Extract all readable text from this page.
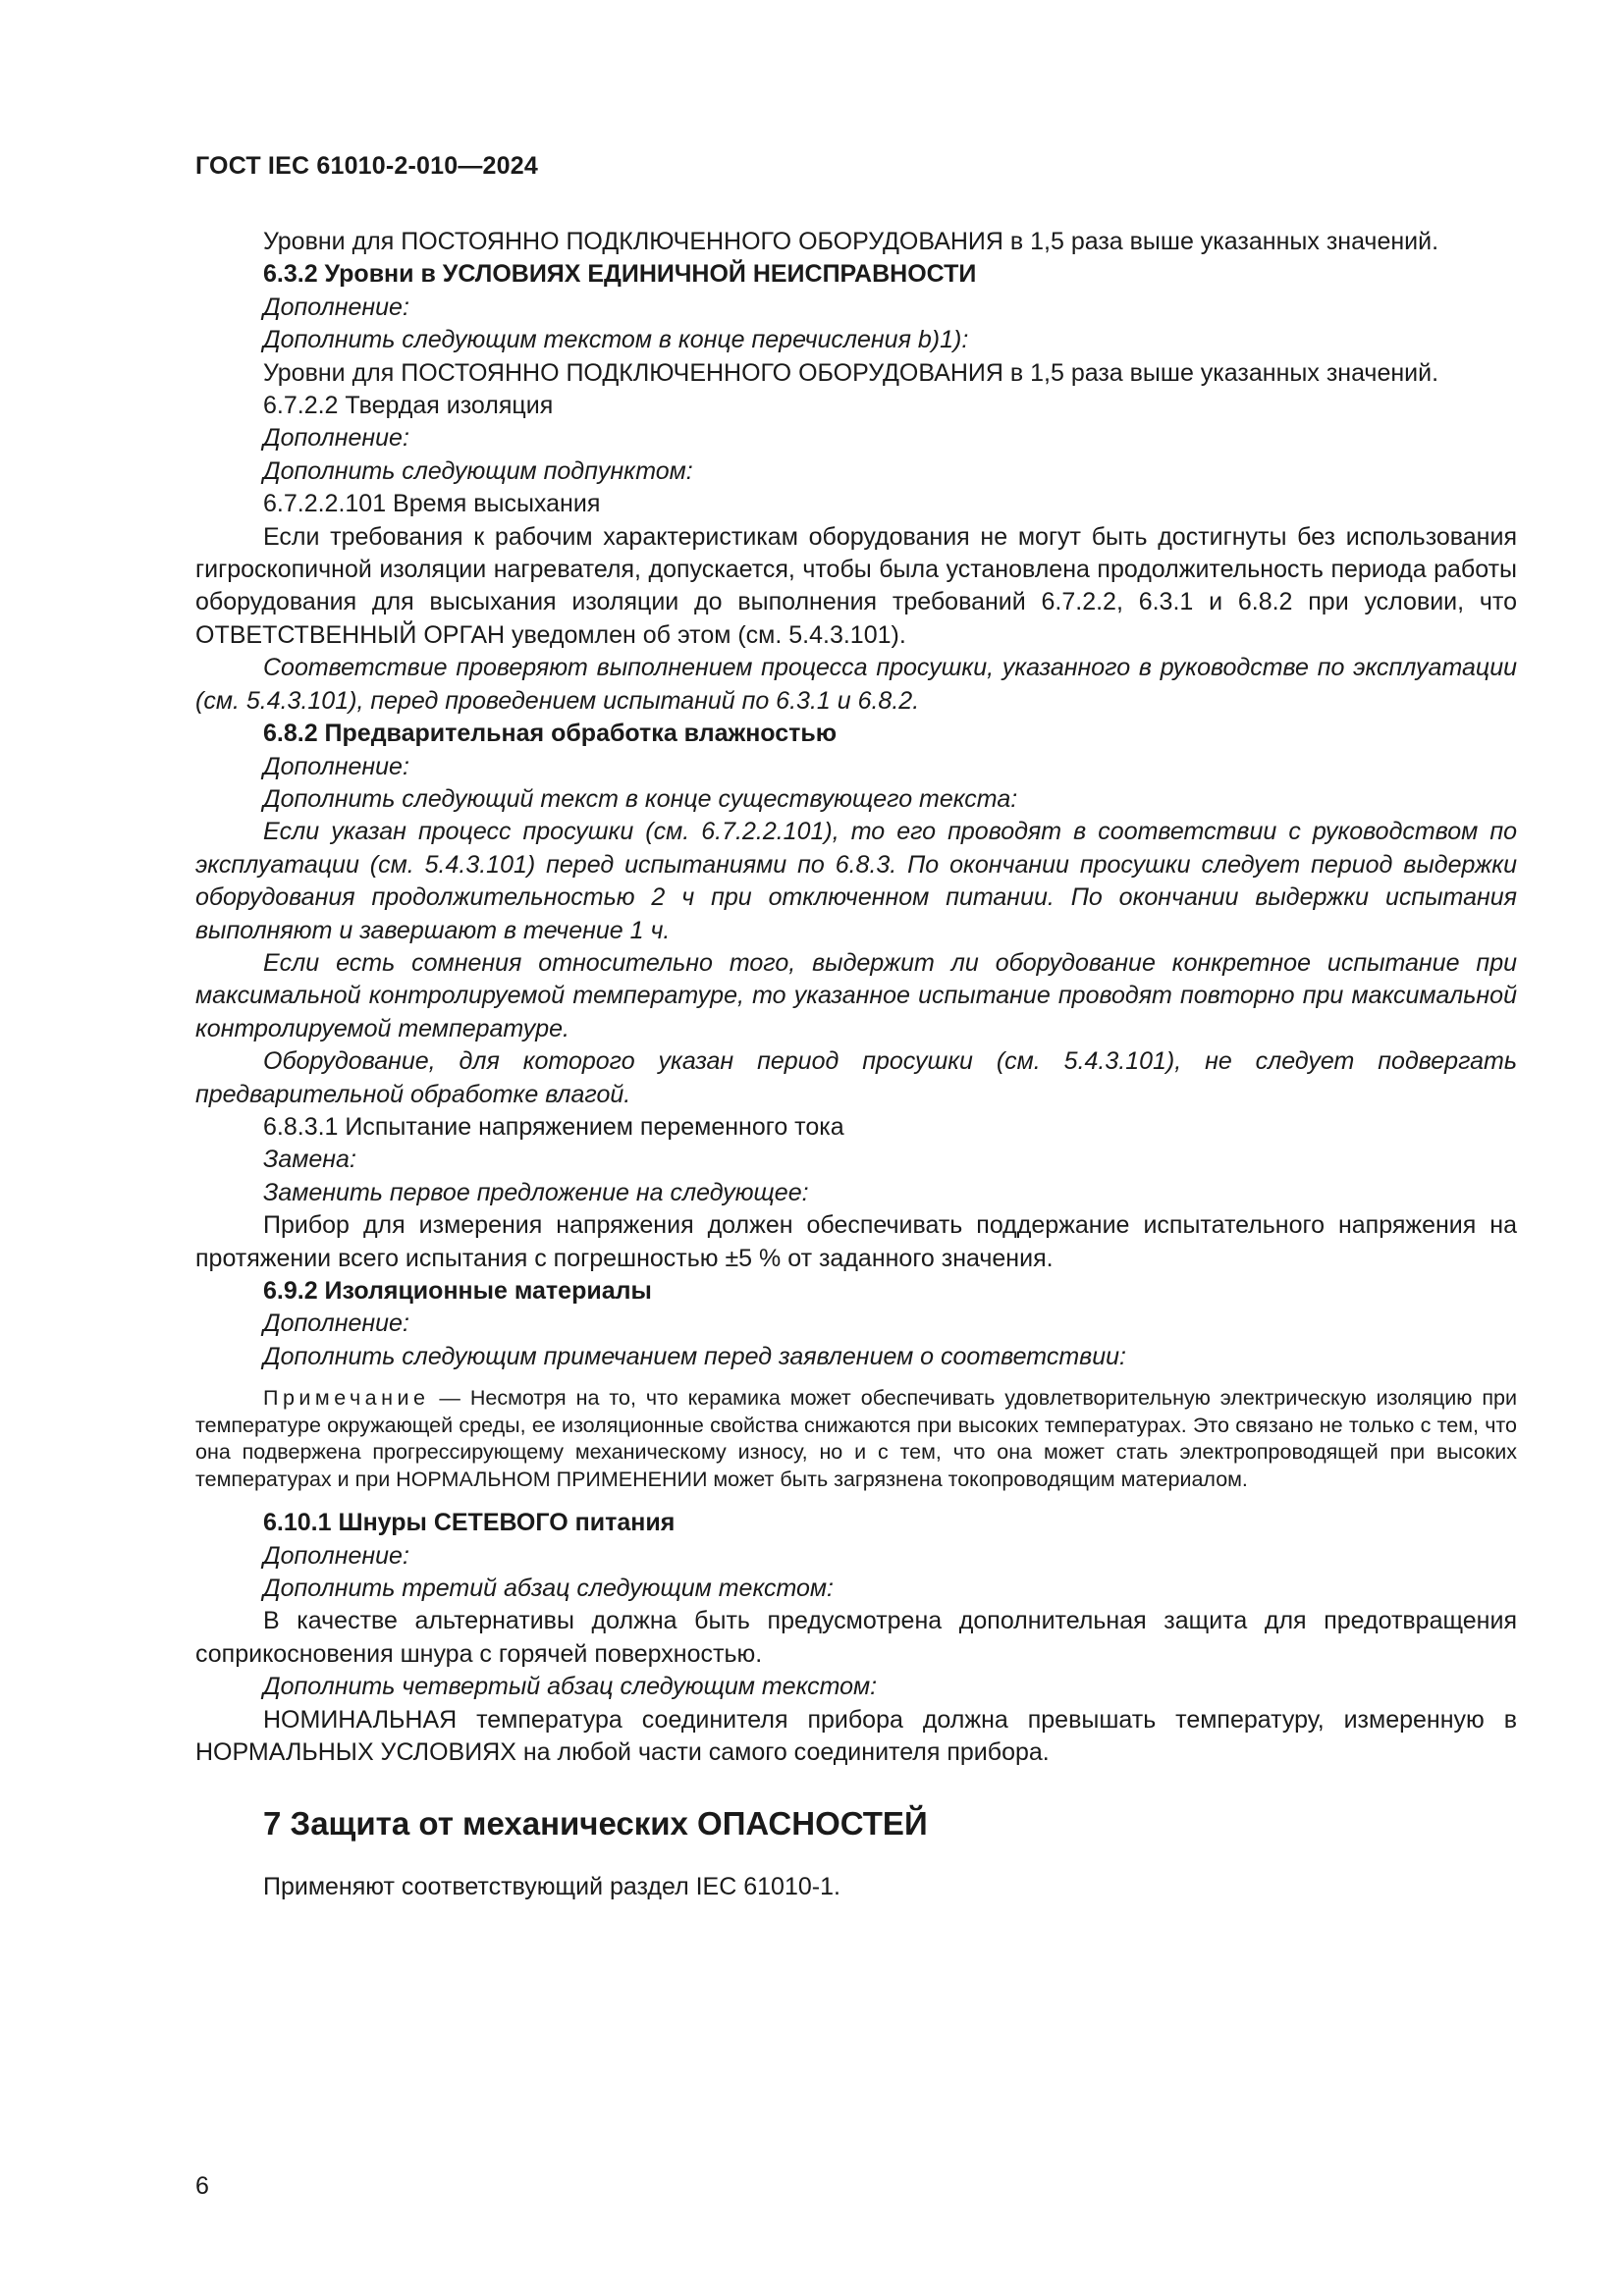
ГОСТ IEC 61010-2-010—2024

Уровни для ПОСТОЯННО ПОДКЛЮЧЕННОГО ОБОРУДОВАНИЯ в 1,5 раза выше указанных значений.

6.3.2 Уровни в УСЛОВИЯХ ЕДИНИЧНОЙ НЕИСПРАВНОСТИ

Дополнение:

Дополнить следующим текстом в конце перечисления b)1):

Уровни для ПОСТОЯННО ПОДКЛЮЧЕННОГО ОБОРУДОВАНИЯ в 1,5 раза выше указанных значений.

6.7.2.2 Твердая изоляция

Дополнение:

Дополнить следующим подпунктом:

6.7.2.2.101 Время высыхания

Если требования к рабочим характеристикам оборудования не могут быть достигнуты без использования гигроскопичной изоляции нагревателя, допускается, чтобы была установлена продолжительность периода работы оборудования для высыхания изоляции до выполнения требований 6.7.2.2, 6.3.1 и 6.8.2 при условии, что ОТВЕТСТВЕННЫЙ ОРГАН уведомлен об этом (см. 5.4.3.101).

Соответствие проверяют выполнением процесса просушки, указанного в руководстве по эксплуатации (см. 5.4.3.101), перед проведением испытаний по 6.3.1 и 6.8.2.

6.8.2 Предварительная обработка влажностью

Дополнение:

Дополнить следующий текст в конце существующего текста:

Если указан процесс просушки (см. 6.7.2.2.101), то его проводят в соответствии с руководством по эксплуатации (см. 5.4.3.101) перед испытаниями по 6.8.3. По окончании просушки следует период выдержки оборудования продолжительностью 2 ч при отключенном питании. По окончании выдержки испытания выполняют и завершают в течение 1 ч.

Если есть сомнения относительно того, выдержит ли оборудование конкретное испытание при максимальной контролируемой температуре, то указанное испытание проводят повторно при максимальной контролируемой температуре.

Оборудование, для которого указан период просушки (см. 5.4.3.101), не следует подвергать предварительной обработке влагой.

6.8.3.1 Испытание напряжением переменного тока

Замена:

Заменить первое предложение на следующее:

Прибор для измерения напряжения должен обеспечивать поддержание испытательного напряжения на протяжении всего испытания с погрешностью ±5 % от заданного значения.

6.9.2 Изоляционные материалы

Дополнение:

Дополнить следующим примечанием перед заявлением о соответствии:

Примечание — Несмотря на то, что керамика может обеспечивать удовлетворительную электрическую изоляцию при температуре окружающей среды, ее изоляционные свойства снижаются при высоких температурах. Это связано не только с тем, что она подвержена прогрессирующему механическому износу, но и с тем, что она может стать электропроводящей при высоких температурах и при НОРМАЛЬНОМ ПРИМЕНЕНИИ может быть загрязнена токопроводящим материалом.

6.10.1 Шнуры СЕТЕВОГО питания

Дополнение:

Дополнить третий абзац следующим текстом:

В качестве альтернативы должна быть предусмотрена дополнительная защита для предотвращения соприкосновения шнура с горячей поверхностью.

Дополнить четвертый абзац следующим текстом:

НОМИНАЛЬНАЯ температура соединителя прибора должна превышать температуру, измеренную в НОРМАЛЬНЫХ УСЛОВИЯХ на любой части самого соединителя прибора.

7 Защита от механических ОПАСНОСТЕЙ

Применяют соответствующий раздел IEC 61010-1.

6
